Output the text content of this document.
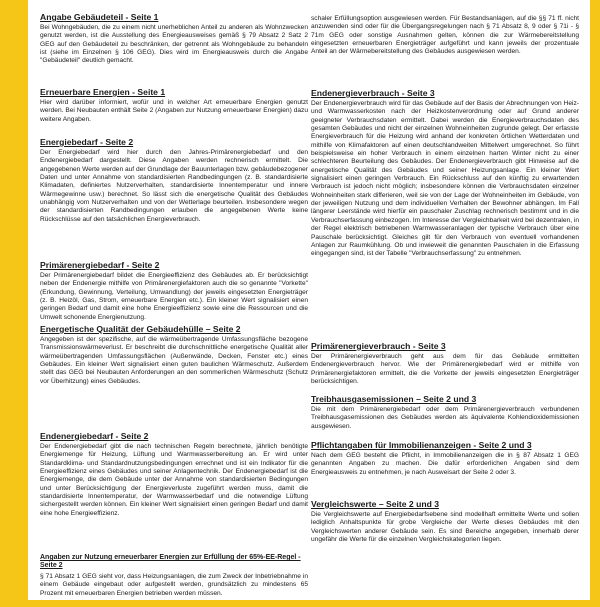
Angabe Gebäudeteil - Seite 1

Bei Wohngebäuden, die zu einem nicht unerheblichen Anteil zu anderen als Wohnzwecken genutzt werden, ist die Ausstellung des Energieausweises gemäß § 79 Absatz 2 Satz 2 GEG auf den Gebäudeteil zu beschränken, der getrennt als Wohngebäude zu behandeln ist (siehe im Einzelnen § 106 GEG). Dies wird im Energieausweis durch die Angabe "Gebäudeteil" deutlich gemacht.

Erneuerbare Energien - Seite 1

Hier wird darüber informiert, wofür und in welcher Art erneuerbare Energien genutzt werden. Bei Neubauten enthält Seite 2 (Angaben zur Nutzung erneuerbarer Energien) dazu weitere Angaben.

Energiebedarf - Seite 2

Der Energiebedarf wird hier durch den Jahres-Primärenergiebedarf und den Endenergiebedarf dargestellt. Diese Angaben werden rechnerisch ermittelt. Die angegebenen Werte werden auf der Grundlage der Bauunterlagen bzw. gebäudebezogener Daten und unter Annahme von standardisierten Randbedingungen (z. B. standardisierte Klimadaten, definiertes Nutzerverhalten, standardisierte Innentemperatur und innere Wärmegewinne usw.) berechnet. So lässt sich die energetische Qualität des Gebäudes unabhängig vom Nutzerverhalten und von der Wetterlage beurteilen. Insbesondere wegen der standardisierten Randbedingungen erlauben die angegebenen Werte keine Rückschlüsse auf den tatsächlichen Energieverbrauch.

Primärenergiebedarf - Seite 2

Der Primärenergiebedarf bildet die Energieeffizienz des Gebäudes ab. Er berücksichtigt neben der Endenergie mithilfe von Primärenergiefaktoren auch die so genannte "Vorkette" (Erkundung, Gewinnung, Verteilung, Umwandlung) der jeweils eingesetzten Energieträger (z. B. Heizöl, Gas, Strom, erneuerbare Energien etc.). Ein kleiner Wert signalisiert einen geringen Bedarf und damit eine hohe Energieeffizienz sowie eine die Ressourcen und die Umwelt schonende Energienutzung.

Energetische Qualität der Gebäudehülle – Seite 2

Angegeben ist der spezifische, auf die wärmeübertragende Umfassungsfläche bezogene Transmissionswärmeverlust. Er beschreibt die durchschnittliche energetische Qualität aller wärmeübertragenden Umfassungsflächen (Außenwände, Decken, Fenster etc.) eines Gebäudes. Ein kleiner Wert signalisiert einen guten baulichen Wärmeschutz. Außerdem stellt das GEG bei Neubauten Anforderungen an den sommerlichen Wärmeschutz (Schutz vor Überhitzung) eines Gebäudes.

Endenergiebedarf - Seite 2

Der Endenergiebedarf gibt die nach technischen Regeln berechnete, jährlich benötigte Energiemenge für Heizung, Lüftung und Warmwasserbereitung an. Er wird unter Standardklima- und Standardnutzungsbedingungen errechnet und ist ein Indikator für die Energieeffizienz eines Gebäudes und seiner Anlagentechnik. Der Endenergiebedarf ist die Energiemenge, die dem Gebäude unter der Annahme von standardisierten Bedingungen und unter Berücksichtigung der Energieverluste zugeführt werden muss, damit die standardisierte Innentemperatur, der Warmwasserbedarf und die notwendige Lüftung sichergestellt werden können. Ein kleiner Wert signalisiert einen geringen Bedarf und damit eine hohe Energieeffizienz.

Angaben zur Nutzung erneuerbarer Energien zur Erfüllung der 65%-EE-Regel - Seite 2

§ 71 Absatz 1 GEG sieht vor, dass Heizungsanlagen, die zum Zweck der Inbetriebnahme in einem Gebäude eingebaut oder aufgestellt werden, grundsätzlich zu mindestens 65 Prozent mit erneuerbaren Energien betrieben werden müssen.

schaler Erfüllungsoption ausgewiesen werden. Für Bestandsanlagen, auf die §§ 71 ff. nicht anzuwenden sind oder für die Übergangsregelungen nach § 71 Absatz 8, 9 oder § 71i - § 71m GEG oder sonstige Ausnahmen gelten, können die zur Wärmebereitstellung eingesetzten erneuerbaren Energieträger aufgeführt und kann jeweils der prozentuale Anteil an der Wärmebereitstellung des Gebäudes ausgewiesen werden.

Endenergieverbrauch - Seite 3

Der Endenergieverbrauch wird für das Gebäude auf der Basis der Abrechnungen von Heiz- und Warmwasserkosten nach der Heizkostenverordnung oder auf Grund anderer geeigneter Verbrauchsdaten ermittelt. Dabei werden die Energieverbrauchsdaten des gesamten Gebäudes und nicht der einzelnen Wohneinheiten zugrunde gelegt. Der erfasste Energieverbrauch für die Heizung wird anhand der konkreten örtlichen Wetterdaten und mithilfe von Klimafaktoren auf einen deutschlandweiten Mittelwert umgerechnet. So führt beispielsweise ein hoher Verbrauch in einem einzelnen harten Winter nicht zu einer schlechteren Beurteilung des Gebäudes. Der Endenergieverbrauch gibt Hinweise auf die energetische Qualität des Gebäudes und seiner Heizungsanlage. Ein kleiner Wert signalisiert einen geringen Verbrauch. Ein Rückschluss auf den künftig zu erwartenden Verbrauch ist jedoch nicht möglich; insbesondere können die Verbrauchsdaten einzelner Wohneinheiten stark differieren, weil sie von der Lage der Wohneinheiten im Gebäude, von der jeweiligen Nutzung und dem individuellen Verhalten der Bewohner abhängen. Im Fall längerer Leerstände wird hierfür ein pauschaler Zuschlag rechnerisch bestimmt und in die Verbrauchserfassung einbezogen. Im Interesse der Vergleichbarkeit wird bei dezentralen, in der Regel elektrisch betriebenen Warmwasseranlagen der typische Verbrauch über eine Pauschale berücksichtigt. Gleiches gilt für den Verbrauch von eventuell vorhandenen Anlagen zur Raumkühlung. Ob und inwieweit die genannten Pauschalen in die Erfassung eingegangen sind, ist der Tabelle "Verbrauchserfassung" zu entnehmen.

Primärenergieverbrauch - Seite 3

Der Primärenergieverbrauch geht aus dem für das Gebäude ermittelten Endenergieverbrauch hervor. Wie der Primärenergiebedarf wird er mithilfe von Primärenergiefaktoren ermittelt, die die Vorkette der jeweils eingesetzten Energieträger berücksichtigen.

Treibhausgasemissionen – Seite 2 und 3

Die mit dem Primärenergiebedarf oder dem Primärenergieverbrauch verbundenen Treibhausgasemissionen des Gebäudes werden als äquivalente Kohlendioxidemissionen ausgewiesen.

Pflichtangaben für Immobilienanzeigen - Seite 2 und 3

Nach dem GEG besteht die Pflicht, in Immobilienanzeigen die in § 87 Absatz 1 GEG genannten Angaben zu machen. Die dafür erforderlichen Angaben sind dem Energieausweis zu entnehmen, je nach Ausweisart der Seite 2 oder 3.

Vergleichswerte – Seite 2 und 3

Die Vergleichswerte auf Energiebedarfsebene sind modellhaft ermittelte Werte und sollen lediglich Anhaltspunkte für grobe Vergleiche der Werte dieses Gebäudes mit den Vergleichswerten anderer Gebäude sein. Es sind Bereiche angegeben, innerhalb derer ungefähr die Werte für die einzelnen Vergleichskategorien liegen.
